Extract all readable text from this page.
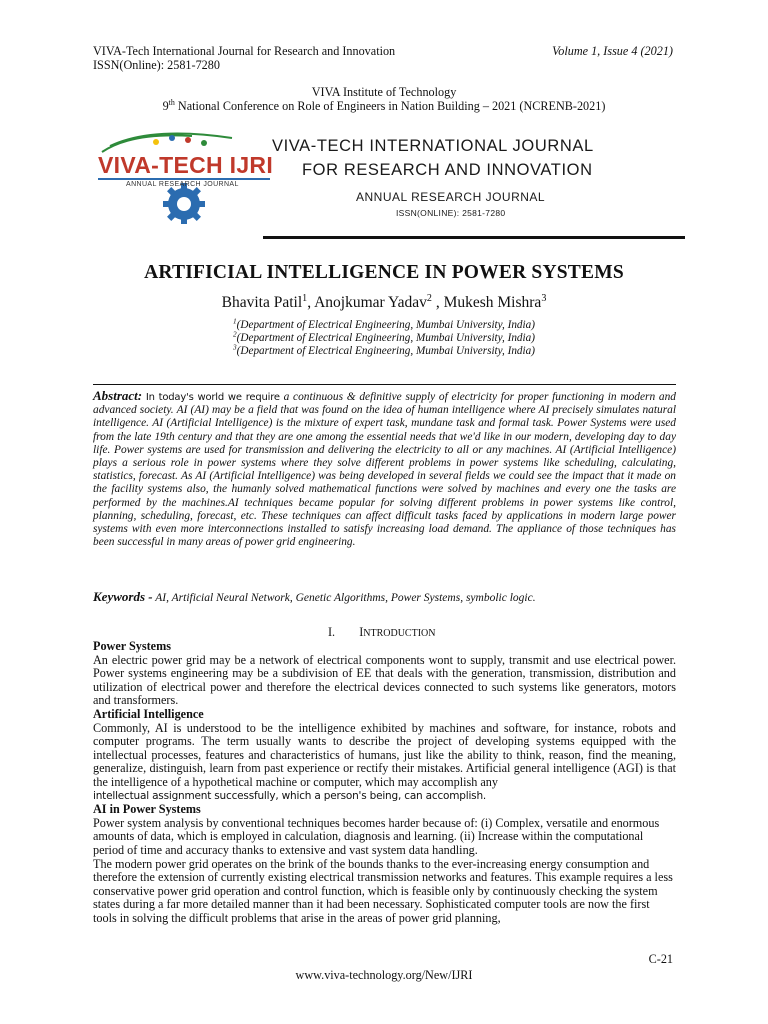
VIVA-Tech International Journal for Research and Innovation	Volume 1, Issue 4 (2021)
ISSN(Online): 2581-7280
VIVA Institute of Technology
9th National Conference on Role of Engineers in Nation Building – 2021 (NCRENB-2021)
VIVA-TECH IJRI
ANNUAL RESEARCH JOURNAL
VIVA-TECH INTERNATIONAL JOURNAL
FOR RESEARCH AND INNOVATION
ANNUAL RESEARCH JOURNAL
ISSN(ONLINE): 2581-7280
ARTIFICIAL INTELLIGENCE IN POWER SYSTEMS
Bhavita Patil$^1$, Anojkumar Yadav$^2$ , Mukesh Mishra$^3$
$^1$(Department of Electrical Engineering, Mumbai University, India)
$^2$(Department of Electrical Engineering, Mumbai University, India)
$^3$(Department of Electrical Engineering, Mumbai University, India)
Abstract: In today's world we require a continuous & definitive supply of electricity for proper functioning in modern and advanced society. AI (AI) may be a field that was found on the idea of human intelligence where AI precisely simulates natural intelligence. AI (Artificial Intelligence) is the mixture of expert task, mundane task and formal task. Power Systems were used from the late 19th century and that they are one among the essential needs that we'd like in our modern, developing day to day life. Power systems are used for transmission and delivering the electricity to all or any machines. AI (Artificial Intelligence) plays a serious role in power systems where they solve different problems in power systems like scheduling, calculating, statistics, forecast. As AI (Artificial Intelligence) was being developed in several fields we could see the impact that it made on the facility systems also, the humanly solved mathematical functions were solved by machines and every one the tasks are performed by the machines.AI techniques became popular for solving different problems in power systems like control, planning, scheduling, forecast, etc. These techniques can affect difficult tasks faced by applications in modern large power systems with even more interconnections installed to satisfy increasing load demand. The appliance of those techniques has been successful in many areas of power grid engineering.
Keywords - AI, Artificial Neural Network, Genetic Algorithms, Power Systems, symbolic logic.
I. INTRODUCTION

Power Systems

An electric power grid may be a network of electrical components wont to supply, transmit and use electrical power. Power systems engineering may be a subdivision of EE that deals with the generation, transmission, distribution and utilization of electrical power and therefore the electrical devices connected to such systems like generators, motors and transformers.

Artificial Intelligence

Commonly, AI is understood to be the intelligence exhibited by machines and software, for instance, robots and computer programs. The term usually wants to describe the project of developing systems equipped with the intellectual processes, features and characteristics of humans, just like the ability to think, reason, find the meaning, generalize, distinguish, learn from past experience or rectify their mistakes. Artificial general intelligence (AGI) is that the intelligence of a hypothetical machine or computer, which may accomplish any

intellectual assignment successfully, which a person's being, can accomplish.

AI in Power Systems

Power system analysis by conventional techniques becomes harder because of: (i) Complex, versatile and enormous amounts of data, which is employed in calculation, diagnosis and learning. (ii) Increase within the computational period of time and accuracy thanks to extensive and vast system data handling.

The modern power grid operates on the brink of the bounds thanks to the ever-increasing energy consumption and therefore the extension of currently existing electrical transmission networks and features. This example requires a less conservative power grid operation and control function, which is feasible only by continuously checking the system states during a far more detailed manner than it had been necessary. Sophisticated computer tools are now the first tools in solving the difficult problems that arise in the areas of power grid planning,

C-21
www.viva-technology.org/New/IJRI
